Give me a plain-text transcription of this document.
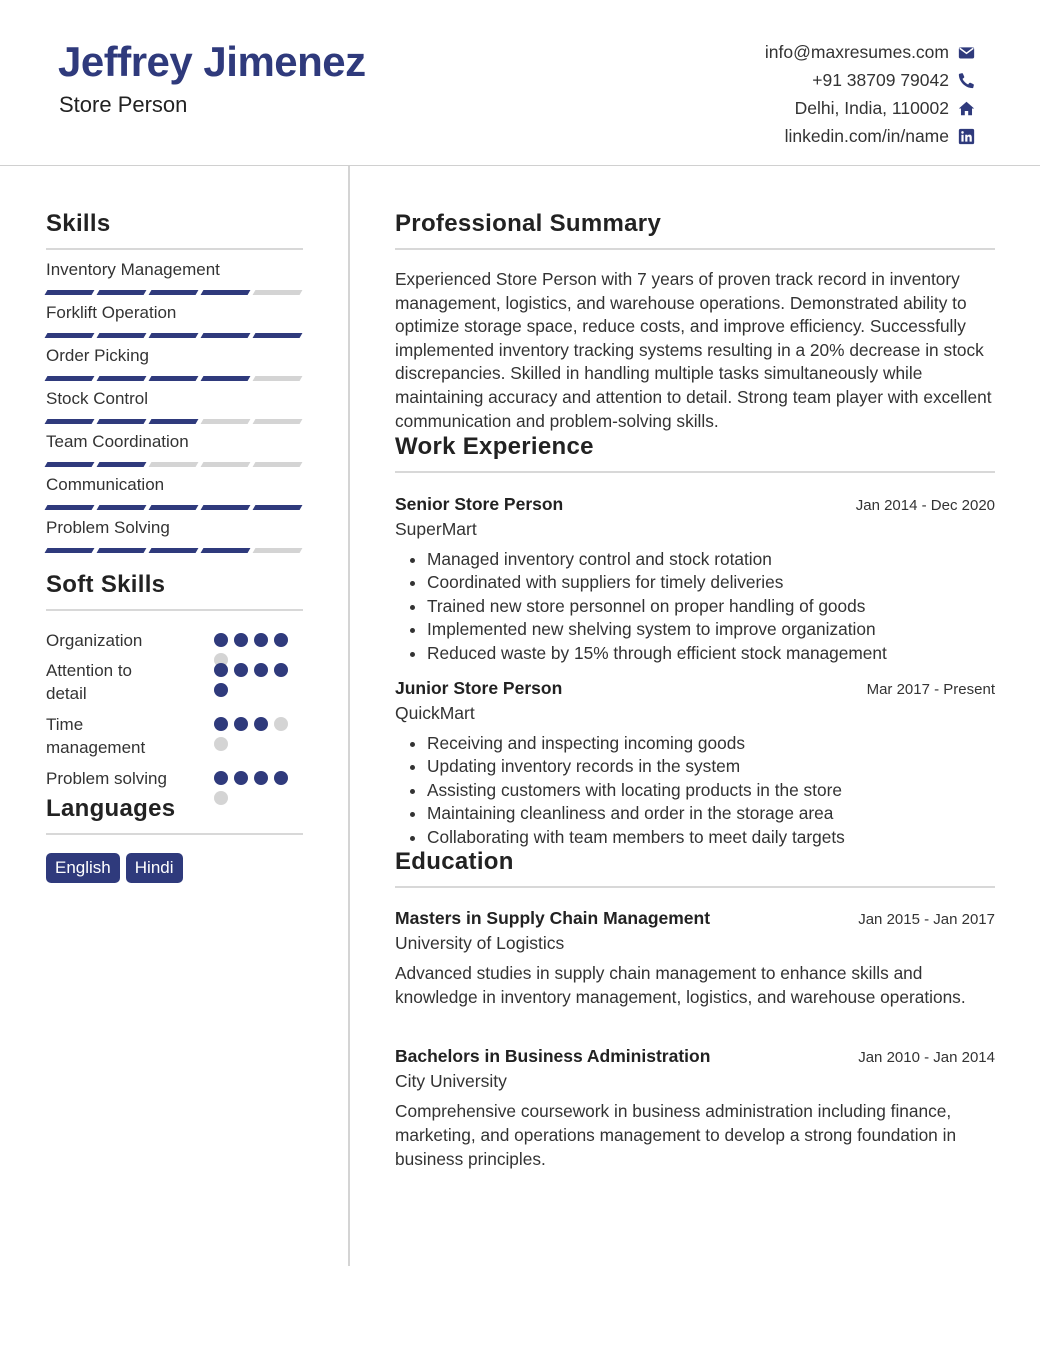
Jeffrey Jimenez
Store Person
info@maxresumes.com
+91 38709 79042
Delhi, India, 110002
linkedin.com/in/name
Skills
Inventory Management
Forklift Operation
Order Picking
Stock Control
Team Coordination
Communication
Problem Solving
Soft Skills
Organization
Attention to detail
Time management
Problem solving
Languages
English	Hindi
Professional Summary
Experienced Store Person with 7 years of proven track record in inventory management, logistics, and warehouse operations. Demonstrated ability to optimize storage space, reduce costs, and improve efficiency. Successfully implemented inventory tracking systems resulting in a 20% decrease in stock discrepancies. Skilled in handling multiple tasks simultaneously while maintaining accuracy and attention to detail. Strong team player with excellent communication and problem-solving skills.
Work Experience
Senior Store Person	Jan 2014 - Dec 2020
SuperMart
• Managed inventory control and stock rotation
• Coordinated with suppliers for timely deliveries
• Trained new store personnel on proper handling of goods
• Implemented new shelving system to improve organization
• Reduced waste by 15% through efficient stock management
Junior Store Person	Mar 2017 - Present
QuickMart
• Receiving and inspecting incoming goods
• Updating inventory records in the system
• Assisting customers with locating products in the store
• Maintaining cleanliness and order in the storage area
• Collaborating with team members to meet daily targets
Education
Masters in Supply Chain Management	Jan 2015 - Jan 2017
University of Logistics
Advanced studies in supply chain management to enhance skills and knowledge in inventory management, logistics, and warehouse operations.
Bachelors in Business Administration	Jan 2010 - Jan 2014
City University
Comprehensive coursework in business administration including finance, marketing, and operations management to develop a strong foundation in business principles.
